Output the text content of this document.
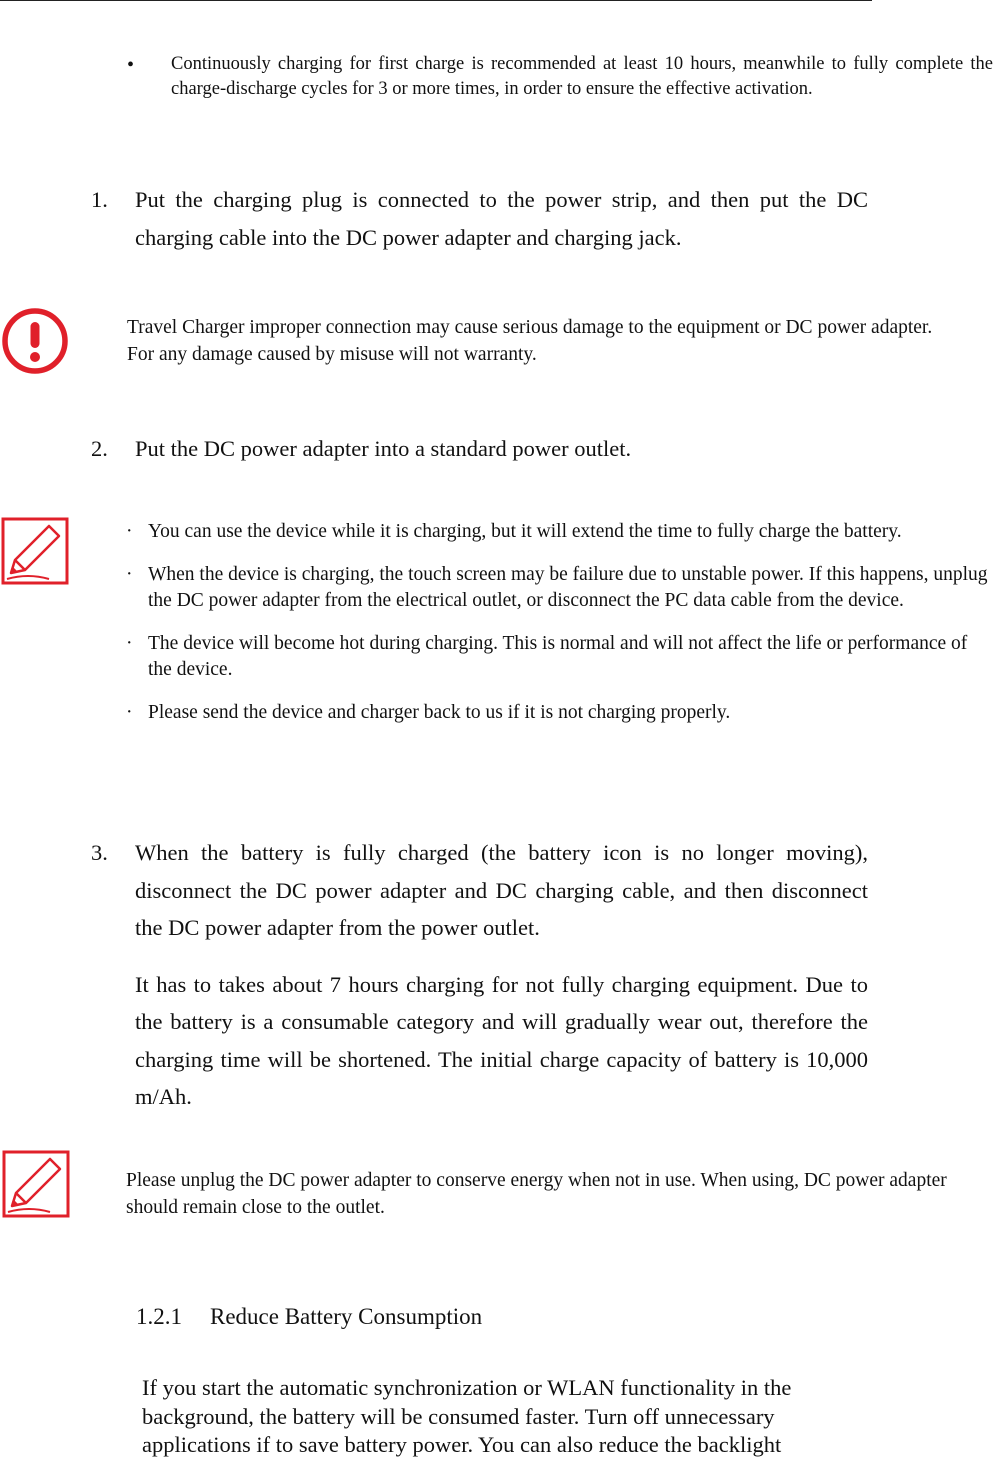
• Continuously charging for first charge is recommended at least 10 hours, meanwhile to fully complete the charge-discharge cycles for 3 or more times, in order to ensure the effective activation.
1. Put the charging plug is connected to the power strip, and then put the DC charging cable into the DC power adapter and charging jack.

Travel Charger improper connection may cause serious damage to the equipment or DC power adapter. For any damage caused by misuse will not warranty.
2. Put the DC power adapter into a standard power outlet.

· You can use the device while it is charging, but it will extend the time to fully charge the battery.
· When the device is charging, the touch screen may be failure due to unstable power. If this happens, unplug the DC power adapter from the electrical outlet, or disconnect the PC data cable from the device.
· The device will become hot during charging. This is normal and will not affect the life or performance of the device.
· Please send the device and charger back to us if it is not charging properly.
3. When the battery is fully charged (the battery icon is no longer moving), disconnect the DC power adapter and DC charging cable, and then disconnect the DC power adapter from the power outlet.

It has to takes about 7 hours charging for not fully charging equipment. Due to the battery is a consumable category and will gradually wear out, therefore the charging time will be shortened. The initial charge capacity of battery is 10,000 m/Ah.

Please unplug the DC power adapter to conserve energy when not in use. When using, DC power adapter should remain close to the outlet.
1.2.1 Reduce Battery Consumption
If you start the automatic synchronization or WLAN functionality in the background, the battery will be consumed faster. Turn off unnecessary applications if to save battery power. You can also reduce the backlight
